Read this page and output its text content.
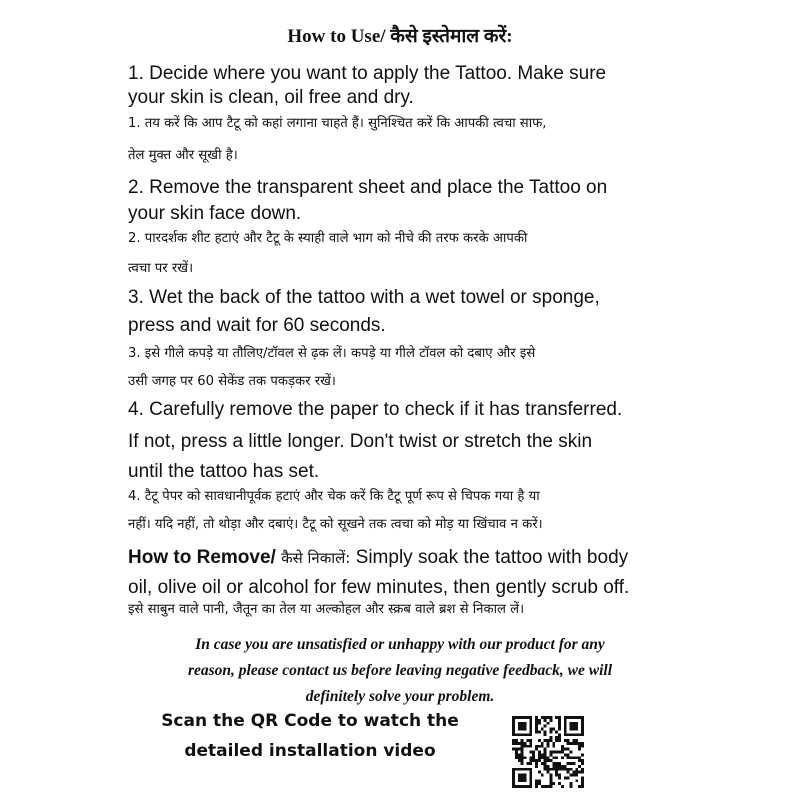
How to Use/ कैसे इस्तेमाल करें:
1. Decide where you want to apply the Tattoo. Make sure
your skin is clean, oil free and dry.
1. तय करें कि आप टैटू को कहां लगाना चाहते हैं। सुनिश्चित करें कि आपकी त्वचा साफ,
तेल मुक्त और सूखी है।
2. Remove the transparent sheet and place the Tattoo on
your skin face down.
2. पारदर्शक शीट हटाएं और टैटू के स्याही वाले भाग को नीचे की तरफ करके आपकी
त्वचा पर रखें।
3. Wet the back of the tattoo with a wet towel or sponge,
press and wait for 60 seconds.
3. इसे गीले कपड़े या तौलिए/टॉवल से ढ़क लें। कपड़े या गीले टॉवल को दबाए और इसे
उसी जगह पर 60 सेकेंड तक पकड़कर रखें।
4. Carefully remove the paper to check if it has transferred.
If not, press a little longer. Don't twist or stretch the skin
until the tattoo has set.
4. टैटू पेपर को सावधानीपूर्वक हटाएं और चेक करें कि टैटू पूर्ण रूप से चिपक गया है या
नहीं। यदि नहीं, तो थोड़ा और दबाएं। टैटू को सूखने तक त्वचा को मोड़ या खिंचाव न करें।
How to Remove/ कैसे निकालें: Simply soak the tattoo with body
oil, olive oil or alcohol for few minutes, then gently scrub off.
इसे साबुन वाले पानी, जैतून का तेल या अल्कोहल और स्क्रब वाले ब्रश से निकाल लें।
In case you are unsatisfied or unhappy with our product for any
reason, please contact us before leaving negative feedback, we will
definitely solve your problem.
Scan the QR Code to watch the
detailed installation video
